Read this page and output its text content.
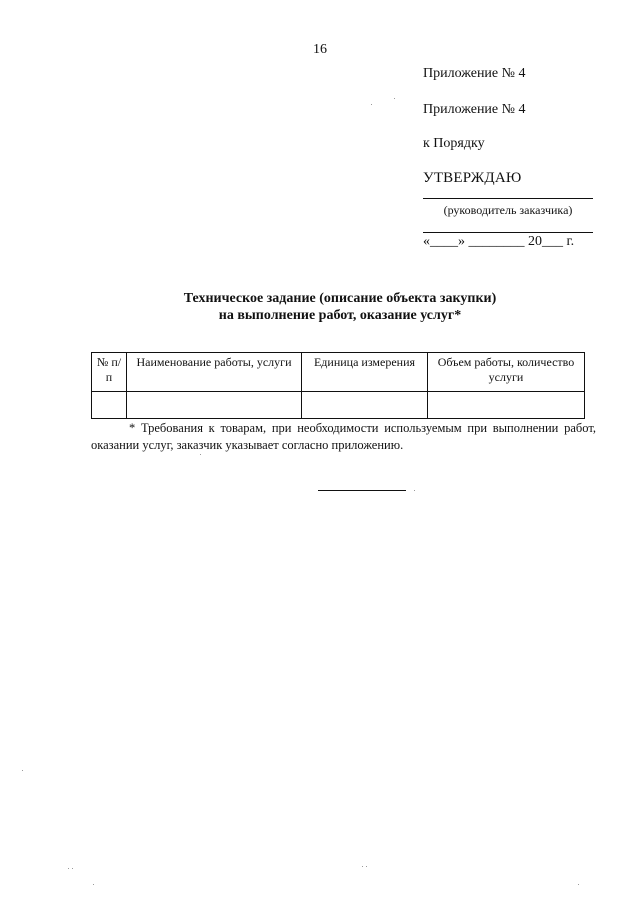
16
Приложение № 4
Приложение № 4
к Порядку
УТВЕРЖДАЮ
(руководитель заказчика)
«____» ________ 20___ г.
Техническое задание (описание объекта закупки)
на выполнение работ, оказание услуг*
№ п/п	Наименование работы, услуги	Единица измерения	Объем работы, количество услуги

* Требования к товарам, при необходимости используемым при выполнении работ, оказании услуг, заказчик указывает согласно приложению.
